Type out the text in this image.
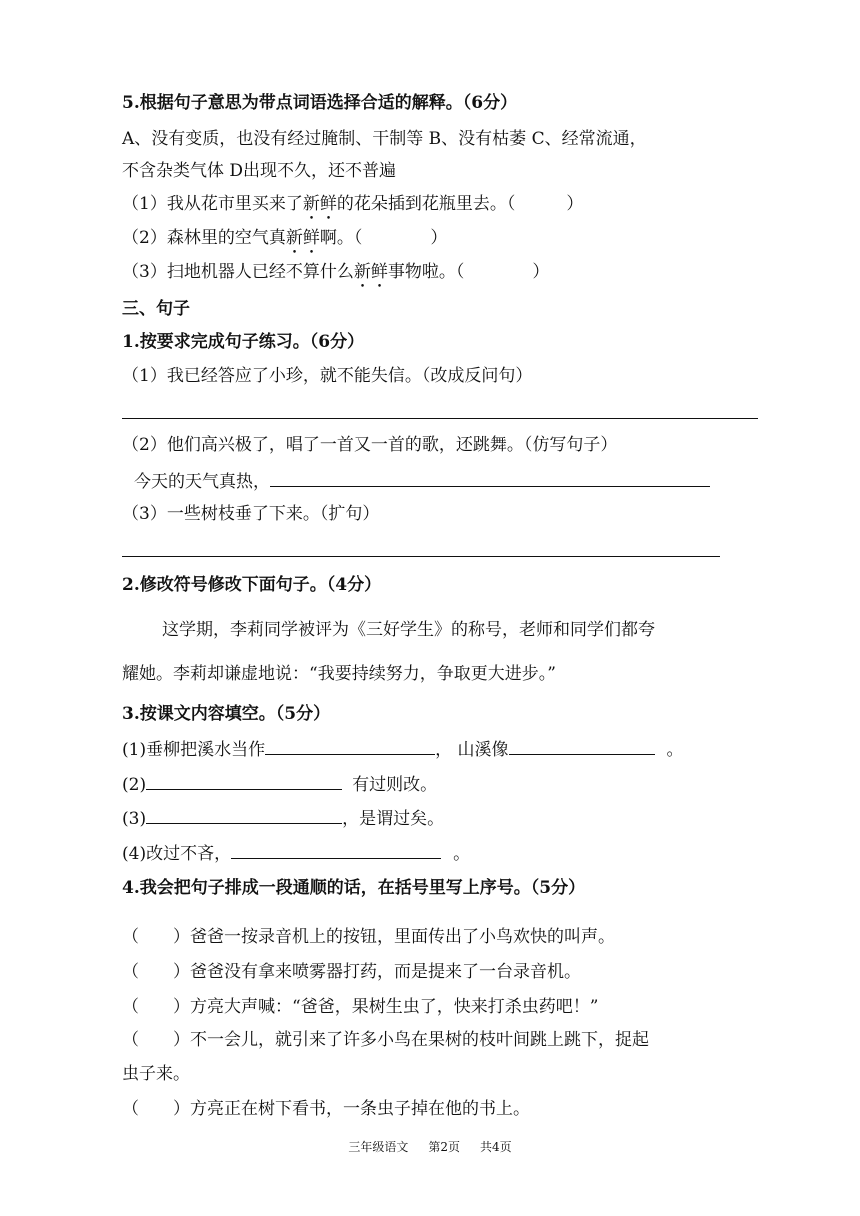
5.根据句子意思为带点词语选择合适的解释。（6分）
A、没有变质，也没有经过腌制、干制等 B、没有枯萎 C、经常流通，
不含杂类气体 D出现不久，还不普遍
（1）我从花市里买来了新鲜的花朵插到花瓶里去。（　　　）
（2）森林里的空气真新鲜啊。（　　　　）
（3）扫地机器人已经不算什么新鲜事物啦。（　　　　）
三、句子
1.按要求完成句子练习。（6分）
（1）我已经答应了小珍，就不能失信。（改成反问句）
（2）他们高兴极了，唱了一首又一首的歌，还跳舞。（仿写句子）
今天的天气真热，
（3）一些树枝垂了下来。（扩句）
2.修改符号修改下面句子。（4分）
这学期，李莉同学被评为《三好学生》的称号，老师和同学们都夸
耀她。李莉却谦虚地说：“我要持续努力，争取更大进步。”
3.按课文内容填空。（5分）
(1)垂柳把溪水当作	， 山溪像	。
(2)	有过则改。
(3)	，是谓过矣。
(4)改过不吝，	。
4.我会把句子排成一段通顺的话，在括号里写上序号。（5分）
（　　）爸爸一按录音机上的按钮，里面传出了小鸟欢快的叫声。
（　　）爸爸没有拿来喷雾器打药，而是提来了一台录音机。
（　　）方亮大声喊：“爸爸，果树生虫了，快来打杀虫药吧！”
（　　）不一会儿，就引来了许多小鸟在果树的枝叶间跳上跳下，捉起
虫子来。
（　　）方亮正在树下看书，一条虫子掉在他的书上。
三年级语文 第2页 共4页
